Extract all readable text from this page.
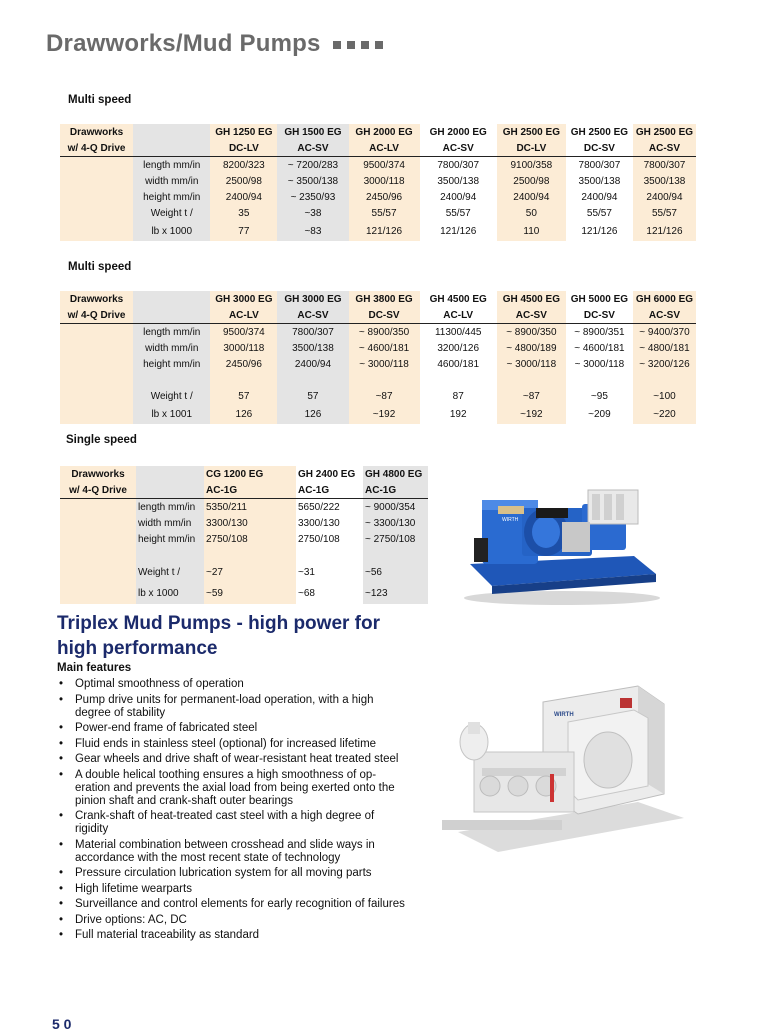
Drawworks/Mud Pumps
Multi speed
Drawworks		GH 1250 EG	GH 1500 EG	GH 2000 EG	GH 2000 EG	GH 2500 EG	GH 2500 EG	GH 2500 EG
w/ 4-Q Drive		DC-LV	AC-SV	AC-LV	AC-SV	DC-LV	DC-SV	AC-SV
	length mm/in	8200/323	~ 7200/283	9500/374	7800/307	9100/358	7800/307	7800/307
	width mm/in	2500/98	~ 3500/138	3000/118	3500/138	2500/98	3500/138	3500/138
	height mm/in	2400/94	~ 2350/93	2450/96	2400/94	2400/94	2400/94	2400/94
	Weight t /	35	~38	55/57	55/57	50	55/57	55/57
	lb x 1000	77	~83	121/126	121/126	110	121/126	121/126
Multi speed
Drawworks		GH 3000 EG	GH 3000 EG	GH 3800 EG	GH 4500 EG	GH 4500 EG	GH 5000 EG	GH 6000 EG
w/ 4-Q Drive		AC-LV	AC-SV	DC-SV	AC-LV	AC-SV	DC-SV	AC-SV
	length mm/in	9500/374	7800/307	~ 8900/350	11300/445	~ 8900/350	~ 8900/351	~ 9400/370
	width mm/in	3000/118	3500/138	~ 4600/181	3200/126	~ 4800/189	~ 4600/181	~ 4800/181
	height mm/in	2450/96	2400/94	~ 3000/118	4600/181	~ 3000/118	~ 3000/118	~ 3200/126

	Weight t /	57	57	~87	87	~87	~95	~100
	lb x 1001	126	126	~192	192	~192	~209	~220
Single speed
Drawworks		CG 1200 EG	GH 2400 EG	GH 4800 EG
w/ 4-Q Drive		AC-1G	AC-1G	AC-1G
	length mm/in	5350/211	5650/222	~ 9000/354
	width mm/in	3300/130	3300/130	~ 3300/130
	height mm/in	2750/108	2750/108	~ 2750/108

	Weight t /	~27	~31	~56
	lb x 1000	~59	~68	~123
WIRTH
Triplex Mud Pumps - high power for high performance
Main features
• Optimal smoothness of operation
• Pump drive units for permanent-load operation, with a high degree of stability
• Power-end frame of fabricated steel
• Fluid ends in stainless steel (optional) for increased lifetime
• Gear wheels and drive shaft of wear-resistant heat treated steel
• A double helical toothing ensures a high smoothness of op-eration and prevents the axial load from being exerted onto the pinion shaft and crank-shaft outer bearings
• Crank-shaft of heat-treated cast steel with a high degree of rigidity
• Material combination between crosshead and slide ways in accordance with the most recent state of technology
• Pressure circulation lubrication system for all moving parts
• High lifetime wearparts
• Surveillance and control elements for early recognition of failures
• Drive options: AC, DC
• Full material traceability as standard
WIRTH
5 0
